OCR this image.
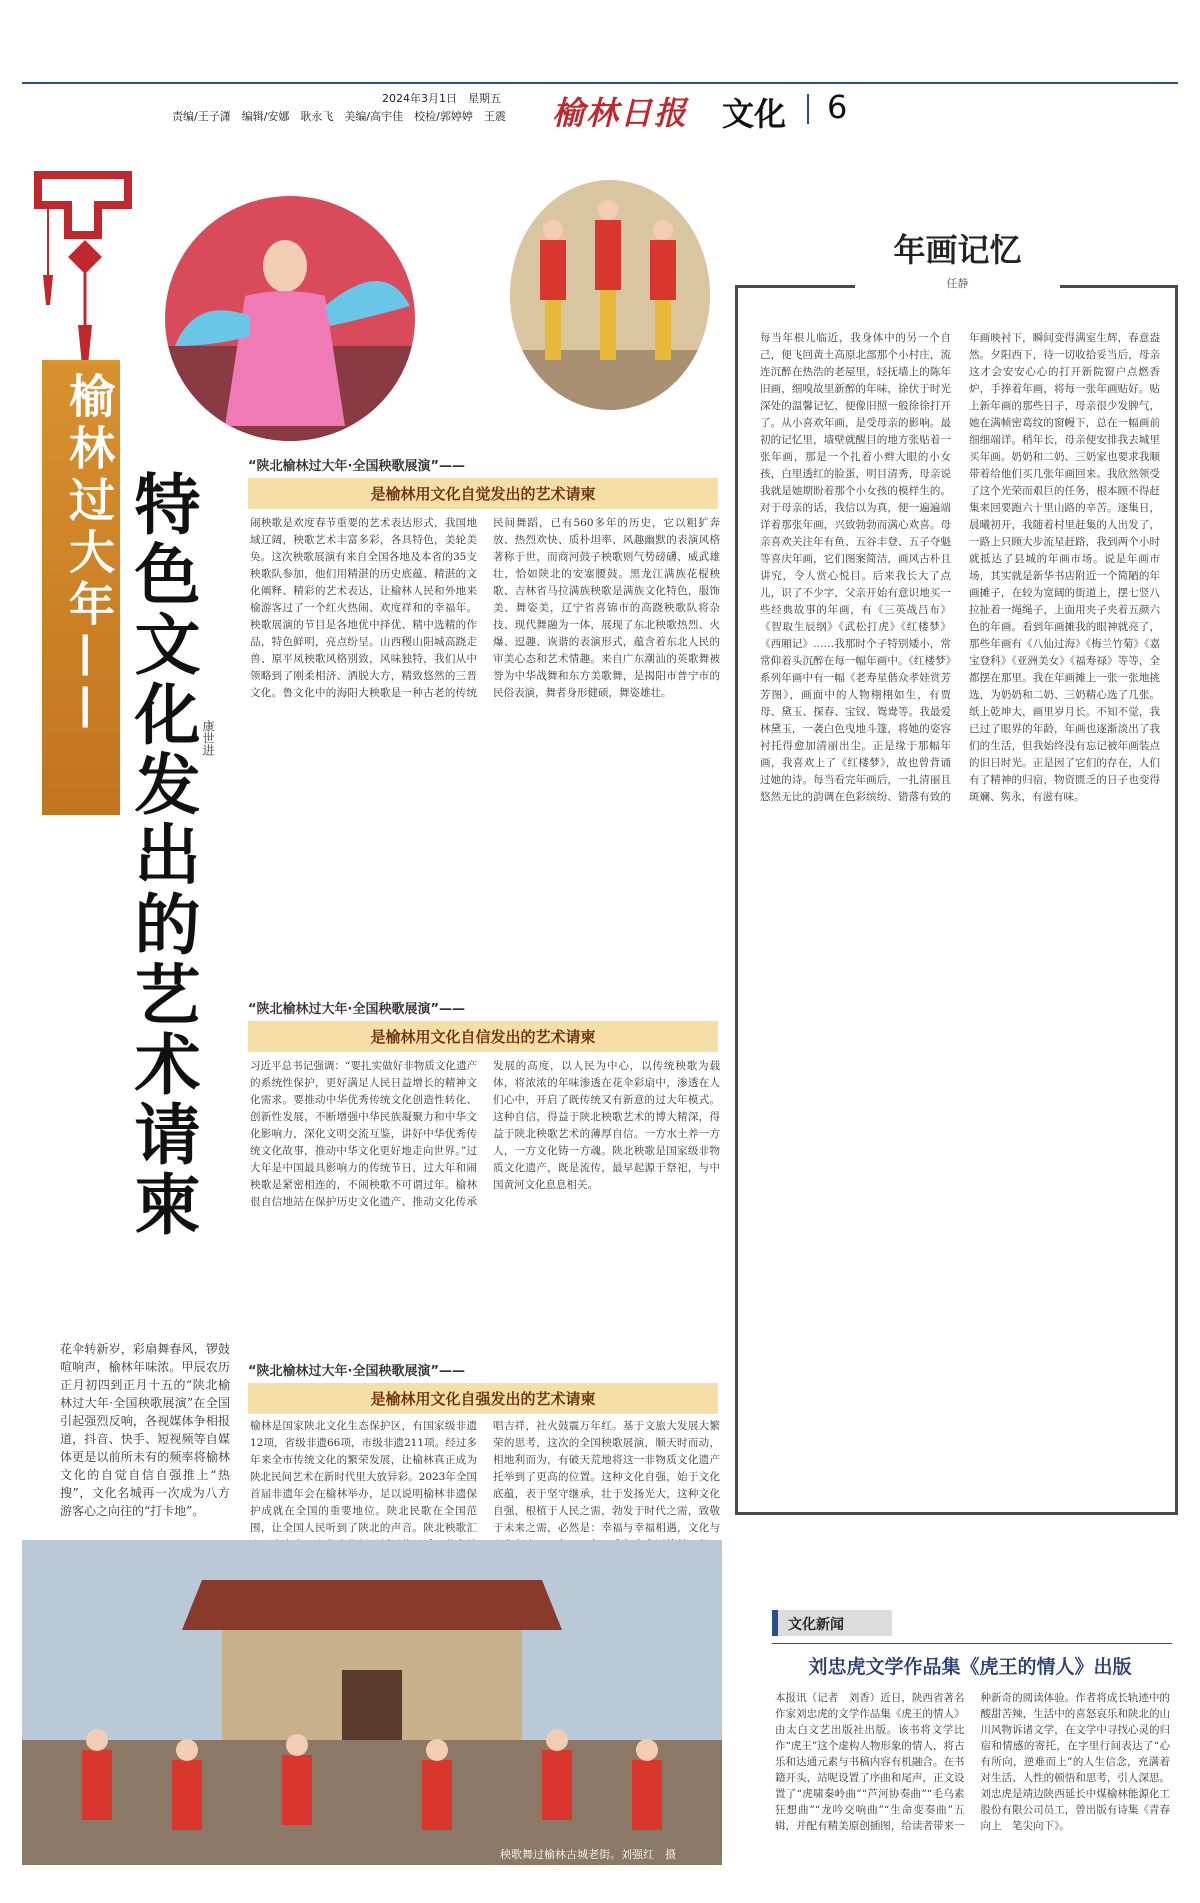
2024年3月1日　星期五
责编/王子潇　编辑/安娜　耿永飞　美编/高宇佳　校检/郭婷婷　王震 榆林日报 文化 6
榆林过大年—— 特色文化发出的艺术请柬 康世进
“陕北榆林过大年·全国秧歌展演”——
是榆林用文化自觉发出的艺术请柬
闹秧歌是欢度春节重要的艺术表达形式，我国地域辽阔，秧歌艺术丰富多彩，各具特色，美轮美奂。这次秧歌展演有来自全国各地及本省的35支秧歌队参加，他们用精湛的历史底蕴、精湛的文化阐释、精彩的艺术表达，让榆林人民和外地来榆游客过了一个红火热闹、欢度祥和的幸福年。秧歌展演的节目是各地优中择优、精中选精的作品，特色鲜明，亮点纷呈。山西稷山阳城高跷走兽、原平凤秧歌风格别致，风味独特，我们从中领略到了刚柔相济、洒脱大方，精致悠然的三晋文化。鲁文化中的海阳大秧歌是一种古老的传统民间舞蹈，已有560多年的历史，它以粗犷奔放、热烈欢快、质朴坦率、风趣幽默的表演风格著称于世，而商河鼓子秧歌则气势磅礴、威武雄壮，恰如陕北的安塞腰鼓。黑龙江满族花棍秧歌、吉林省马拉满族秧歌是满族文化特色，服饰美、舞姿美，辽宁省喜锦市的高跷秧歌队将杂技、现代舞融为一体，展现了东北秧歌热烈、火爆、逗趣、诙谐的表演形式，蕴含着东北人民的审美心态和艺术情趣。来自广东潮汕的英歌舞被誉为中华战舞和东方美歌舞，是揭阳市普宁市的民俗表演，舞者身形健硕，舞姿雄壮。
“陕北榆林过大年·全国秧歌展演”——
是榆林用文化自信发出的艺术请柬
习近平总书记强调：“要扎实做好非物质文化遗产的系统性保护，更好满足人民日益增长的精神文化需求。要推动中华优秀传统文化创造性转化、创新性发展，不断增强中华民族凝聚力和中华文化影响力，深化文明交流互鉴，讲好中华优秀传统文化故事，推动中华文化更好地走向世界。”过大年是中国最具影响力的传统节日，过大年和闹秧歌是紧密相连的，不闹秧歌不可谓过年。榆林很自信地站在保护历史文化遗产、推动文化传承发展的高度，以人民为中心，以传统秧歌为载体，将浓浓的年味渗透在花伞彩扇中，渗透在人们心中，开启了既传统又有新意的过大年模式。这种自信，得益于陕北秧歌艺术的博大精深，得益于陕北秧歌艺术的薄厚自信。一方水土养一方人，一方文化铸一方魂。陕北秧歌是国家级非物质文化遗产，既是流传，最早起源于祭祀，与中国黄河文化息息相关。
“陕北榆林过大年·全国秧歌展演”——
是榆林用文化自强发出的艺术请柬
榆林是国家陕北文化生态保护区，有国家级非遗12项，省级非遗66项，市级非遗211项。经过多年来全市传统文化的繁荣发展，让榆林真正成为陕北民间艺术在新时代里大放异彩。2023年全国首届非遗年会在榆林举办，足以说明榆林非遗保护成就在全国的重要地位。陕北民歌在全国范围，让全国人民听到了陕北的声音。陕北秧歌汇 唱吉祥，社火鼓震万年红。基于文旅大发展大繁荣的思考，这次的全国秧歌展演，顺天时而动，相地利而为，有破天荒地将这一非物质文化遗产托举到了更高的位置。这种文化自强，始于文化底蕴，表于坚守继承，壮于发扬光大，这种文化自强，根植于人民之需，勃发于时代之需，致敬于未来之需，必然是：幸福与幸福相遇，文化与
花伞转新岁，彩扇舞春风，锣鼓喧响声，榆林年味浓。甲辰农历正月初四到正月十五的“陕北榆林过大年·全国秧歌展演”在全国引起强烈反响，各视媒体争相报道，抖音、快手、短视频等自媒体更是以前所未有的频率将榆林文化的自觉自信自强推上“热搜”，文化名城再一次成为八方游客心之向往的“打卡地”。
秧歌舞过榆林古城老街。刘强红　摄
年画记忆
任静
每当年根儿临近，我身体中的另一个自己，便飞回黄土高原北部那个小村庄，流连沉醉在热浩的老屋里，轻抚墙上的陈年旧画，细嗅故里新醉的年味，徐伏于时光深处的温馨记忆，便像旧照一般徐徐打开了。从小喜欢年画，是受母亲的影响。最初的记忆里，墙壁就醒目的地方张贴着一张年画，那是一个扎着小辫大眼的小女孩，白里透红的脸蛋，明目清秀，母亲说我就是她期盼着那个小女孩的模样生的。对于母亲的话，我信以为真，便一遍遍端详着那张年画，兴致勃勃而满心欢喜。母亲喜欢关注年有鱼、五谷丰登、五子夺魁等喜庆年画，它们图案简洁，画风古朴且讲究，令人赏心悦目。后来我长大了点儿，识了不少字，父亲开始有意识地买一些经典故事的年画，有《三英战吕布》《智取生辰纲》《武松打虎》《红楼梦》《西厢记》……我那时个子特别矮小，常常仰着头沉醉在每一幅年画中。《红楼梦》系列年画中有一幅《老寿星偕众孝娃赏芳芳图》，画面中的人物栩栩如生，有贾母、黛玉、探春、宝钗、鸳鸯等。我最爱林黛玉，一袭白色曳地斗篷，将她的姿容衬托得愈加清丽出尘。正是缘于那幅年画，我喜欢上了《红楼梦》，故也曾背诵过她的诗。每当看完年画后，一扎清丽且悠然无比的韵调在色彩缤纷、错落有致的年画映衬下，瞬间变得满室生辉，春意盎然。夕阳西下，待一切收拾妥当后，母亲这才会安安心心的打开新院窗户点燃香炉，手捧着年画，将每一张年画贴好。贴上新年画的那些日子，母亲很少发脾气，她在满帧密葛纹的窗幔下，总在一幅画前细细端详。稍年长，母亲便安排我去城里买年画。奶奶和二奶、三奶家也要求我顺带着给他们买几张年画回来。我欣然领受了这个光荣而艰巨的任务，根本顾不得赶集来回要跑六十里山路的辛苦。逐集日，晨曦初开，我随着村里赶集的人出发了，一路上只顾大步流星赶路，我到两个小时就抵达了县城的年画市场。说是年画市场，其实就是新华书店附近一个简陋的年画摊子，在较为宽阔的街道上，摆七竖八拉扯着一绳绳子，上面用夹子夹着五颜六色的年画。看到年画摊我的眼神就亮了，那些年画有《八仙过海》《梅兰竹菊》《嘉宝登科》《亚洲美女》《福寿禄》等等，全都摆在那里。我在年画摊上一张一张地挑选，为奶奶和二奶、三奶精心选了几张。纸上乾坤大，画里岁月长。不知不觉，我已过了眼界的年龄，年画也逐渐淡出了我们的生活，但我始终没有忘记被年画装点的旧日时光。正是因了它们的存在，人们有了精神的归宿，物资匮乏的日子也变得斑斓、隽永，有滋有味。
文化新闻
刘忠虎文学作品集《虎王的情人》出版
本报讯（记者　刘香）近日，陕西省著名作家刘忠虎的文学作品集《虎王的情人》由太白文艺出版社出版。该书将文学比作“虎王”这个虚构人物形象的情人，将古乐和达通元素与书稿内容有机融合。在书籍开头，站呢设置了序曲和尾声，正文设置了“虎啸秦岭曲”“芦河协奏曲”“毛乌素狂想曲”“龙吟交响曲”“生命变奏曲”五辑，并配有精美原创插图，给读者带来一种新奇的阅读体验。作者将成长轨迹中的酸甜苦辣，生活中的喜怒哀乐和陕北的山川风物诉诸文学，在文学中寻找心灵的归宿和情感的寄托，在字里行间表达了“心有所向，逆难而上”的人生信念，充满着对生活、人性的顿悟和思考，引人深思。刘忠虎是靖边陕西延长中煤榆林能源化工股份有限公司员工，曾出版有诗集《青春向上　笔尖向下》。
